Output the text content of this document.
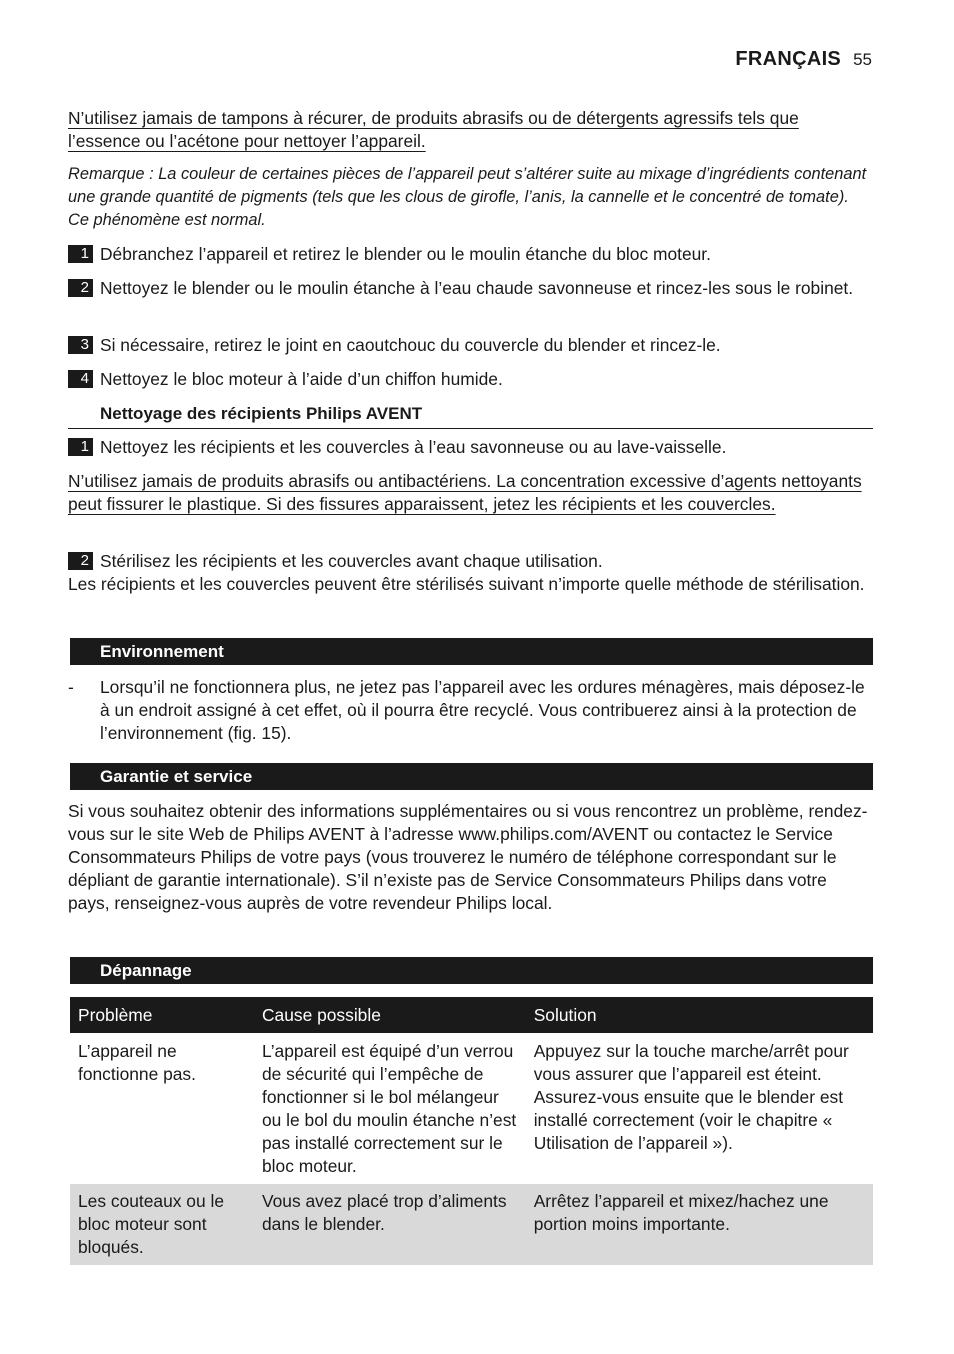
FRANÇAIS 55
N’utilisez jamais de tampons à récurer, de produits abrasifs ou de détergents agressifs tels que l’essence ou l’acétone pour nettoyer l’appareil.
Remarque : La couleur de certaines pièces de l’appareil peut s’altérer suite au mixage d’ingrédients contenant une grande quantité de pigments (tels que les clous de girofle, l’anis, la cannelle et le concentré de tomate). Ce phénomène est normal.
1 Débranchez l’appareil et retirez le blender ou le moulin étanche du bloc moteur.
2 Nettoyez le blender ou le moulin étanche à l’eau chaude savonneuse et rincez-les sous le robinet.
3 Si nécessaire, retirez le joint en caoutchouc du couvercle du blender et rincez-le.
4 Nettoyez le bloc moteur à l’aide d’un chiffon humide.
Nettoyage des récipients Philips AVENT
1 Nettoyez les récipients et les couvercles à l’eau savonneuse ou au lave-vaisselle.
N’utilisez jamais de produits abrasifs ou antibactériens. La concentration excessive d’agents nettoyants peut fissurer le plastique. Si des fissures apparaissent, jetez les récipients et les couvercles.
2 Stérilisez les récipients et les couvercles avant chaque utilisation.
Les récipients et les couvercles peuvent être stérilisés suivant n’importe quelle méthode de stérilisation.
Environnement
-	Lorsqu’il ne fonctionnera plus, ne jetez pas l’appareil avec les ordures ménagères, mais déposez-le à un endroit assigné à cet effet, où il pourra être recyclé. Vous contribuerez ainsi à la protection de l’environnement (fig. 15).
Garantie et service
Si vous souhaitez obtenir des informations supplémentaires ou si vous rencontrez un problème, rendez-vous sur le site Web de Philips AVENT à l’adresse www.philips.com/AVENT ou contactez le Service Consommateurs Philips de votre pays (vous trouverez le numéro de téléphone correspondant sur le dépliant de garantie internationale). S’il n’existe pas de Service Consommateurs Philips dans votre pays, renseignez-vous auprès de votre revendeur Philips local.
Dépannage
Problème	Cause possible	Solution
L’appareil ne fonctionne pas.	L’appareil est équipé d’un verrou de sécurité qui l’empêche de fonctionner si le bol mélangeur ou le bol du moulin étanche n’est pas installé correctement sur le bloc moteur.	Appuyez sur la touche marche/arrêt pour vous assurer que l’appareil est éteint. Assurez-vous ensuite que le blender est installé correctement (voir le chapitre « Utilisation de l’appareil »).
Les couteaux ou le bloc moteur sont bloqués.	Vous avez placé trop d’aliments dans le blender.	Arrêtez l’appareil et mixez/hachez une portion moins importante.
